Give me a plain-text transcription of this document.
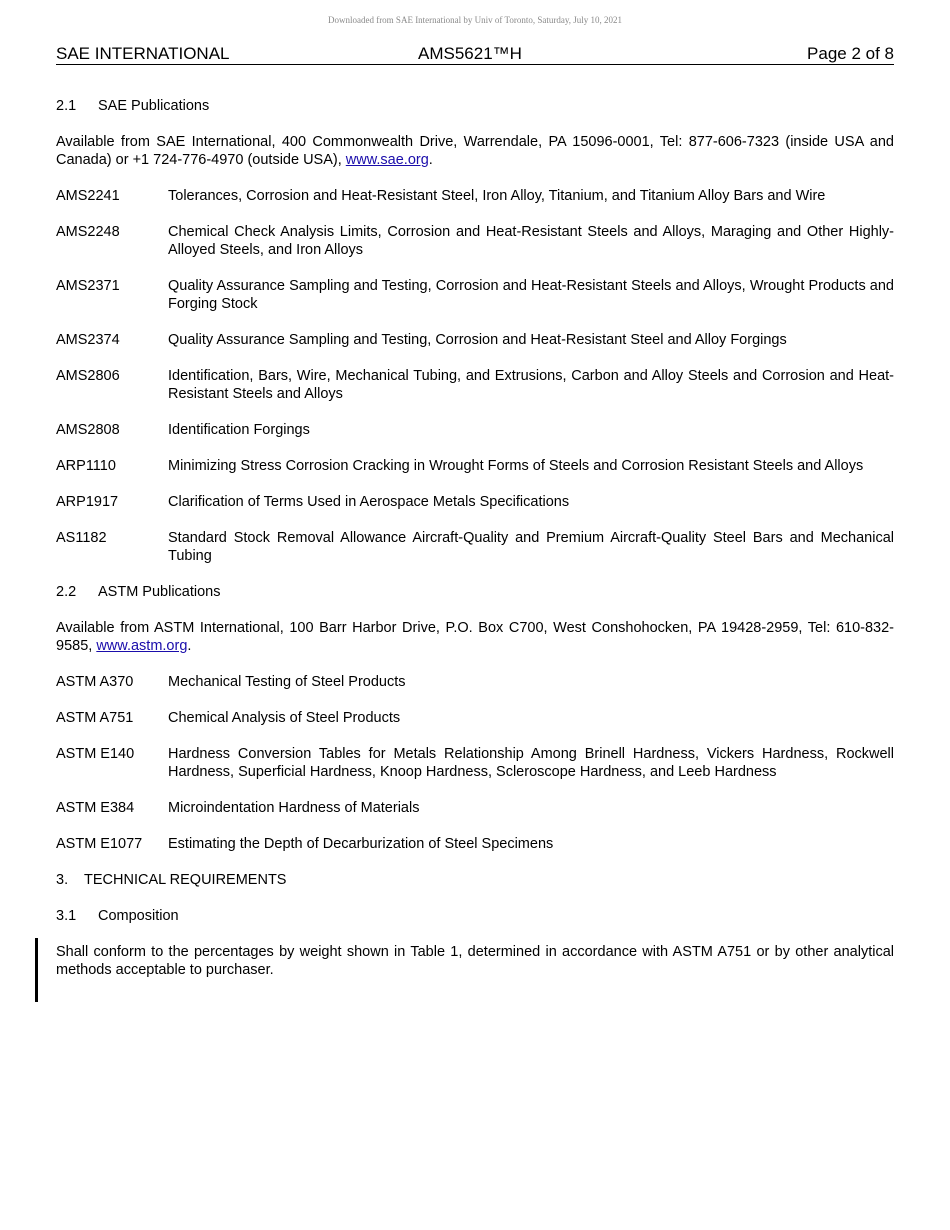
Downloaded from SAE International by Univ of Toronto, Saturday, July 10, 2021
SAE INTERNATIONAL	AMS5621™H	Page 2 of 8
2.1 SAE Publications
Available from SAE International, 400 Commonwealth Drive, Warrendale, PA 15096-0001, Tel: 877-606-7323 (inside USA and Canada) or +1 724-776-4970 (outside USA), www.sae.org.
AMS2241	Tolerances, Corrosion and Heat-Resistant Steel, Iron Alloy, Titanium, and Titanium Alloy Bars and Wire
AMS2248	Chemical Check Analysis Limits, Corrosion and Heat-Resistant Steels and Alloys, Maraging and Other Highly-Alloyed Steels, and Iron Alloys
AMS2371	Quality Assurance Sampling and Testing, Corrosion and Heat-Resistant Steels and Alloys, Wrought Products and Forging Stock
AMS2374	Quality Assurance Sampling and Testing, Corrosion and Heat-Resistant Steel and Alloy Forgings
AMS2806	Identification, Bars, Wire, Mechanical Tubing, and Extrusions, Carbon and Alloy Steels and Corrosion and Heat-Resistant Steels and Alloys
AMS2808	Identification Forgings
ARP1110	Minimizing Stress Corrosion Cracking in Wrought Forms of Steels and Corrosion Resistant Steels and Alloys
ARP1917	Clarification of Terms Used in Aerospace Metals Specifications
AS1182	Standard Stock Removal Allowance Aircraft-Quality and Premium Aircraft-Quality Steel Bars and Mechanical Tubing
2.2 ASTM Publications
Available from ASTM International, 100 Barr Harbor Drive, P.O. Box C700, West Conshohocken, PA 19428-2959, Tel: 610-832-9585, www.astm.org.
ASTM A370	Mechanical Testing of Steel Products
ASTM A751	Chemical Analysis of Steel Products
ASTM E140	Hardness Conversion Tables for Metals Relationship Among Brinell Hardness, Vickers Hardness, Rockwell Hardness, Superficial Hardness, Knoop Hardness, Scleroscope Hardness, and Leeb Hardness
ASTM E384	Microindentation Hardness of Materials
ASTM E1077	Estimating the Depth of Decarburization of Steel Specimens
3. TECHNICAL REQUIREMENTS
3.1 Composition
Shall conform to the percentages by weight shown in Table 1, determined in accordance with ASTM A751 or by other analytical methods acceptable to purchaser.
